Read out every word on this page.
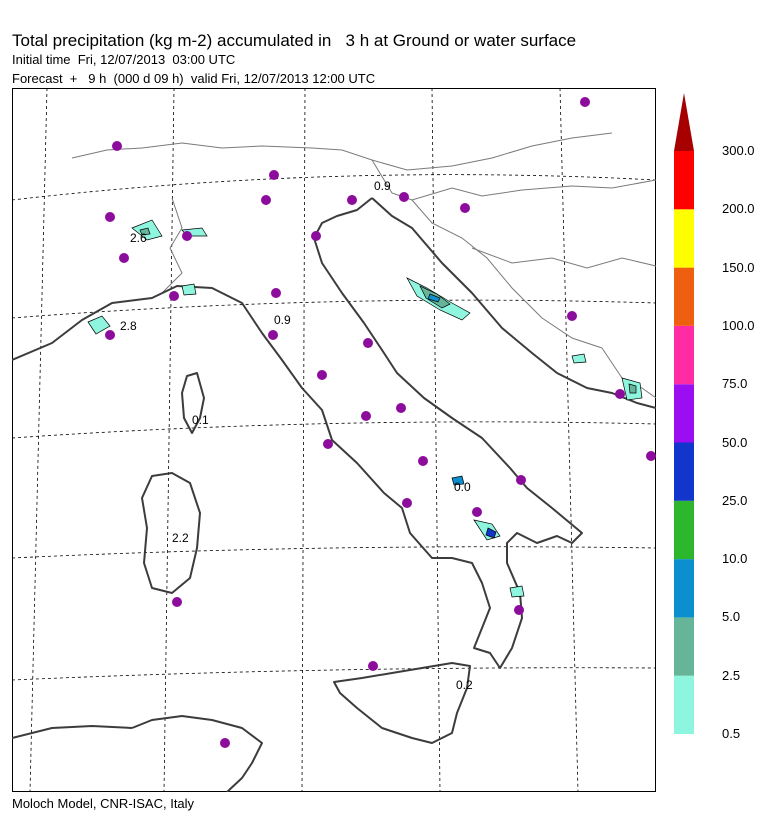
Total precipitation (kg m-2) accumulated in   3 h at Ground or water surface
Initial time  Fri, 12/07/2013  03:00 UTC
Forecast  +   9 h  (000 d 09 h)  valid Fri, 12/07/2013 12:00 UTC
0.9
2.6
2.8	0.9
0.1
2.2
0.0
0.2
0.5
2.5
5.0
10.0
25.0
50.0
75.0
100.0
150.0
200.0
300.0
Moloch Model, CNR-ISAC, Italy
